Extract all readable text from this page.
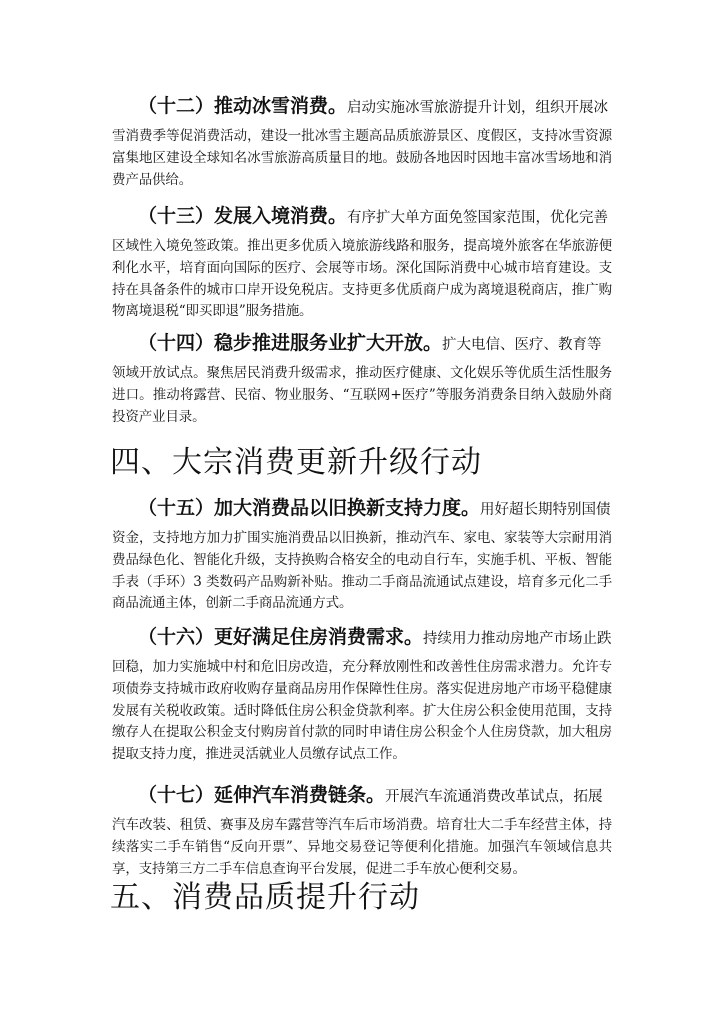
（十二）推动冰雪消费。启动实施冰雪旅游提升计划，组织开展冰
雪消费季等促消费活动，建设一批冰雪主题高品质旅游景区、度假区，支持冰雪资源富集地区建设全球知名冰雪旅游高质量目的地。鼓励各地因时因地丰富冰雪场地和消费产品供给。
（十三）发展入境消费。有序扩大单方面免签国家范围，优化完善
区域性入境免签政策。推出更多优质入境旅游线路和服务，提高境外旅客在华旅游便利化水平，培育面向国际的医疗、会展等市场。深化国际消费中心城市培育建设。支持在具备条件的城市口岸开设免税店。支持更多优质商户成为离境退税商店，推广购物离境退税“即买即退”服务措施。
（十四）稳步推进服务业扩大开放。扩大电信、医疗、教育等
领域开放试点。聚焦居民消费升级需求，推动医疗健康、文化娱乐等优质生活性服务进口。推动将露营、民宿、物业服务、“互联网+医疗”等服务消费条目纳入鼓励外商投资产业目录。
四、大宗消费更新升级行动
（十五）加大消费品以旧换新支持力度。用好超长期特别国债
资金，支持地方加力扩围实施消费品以旧换新，推动汽车、家电、家装等大宗耐用消费品绿色化、智能化升级，支持换购合格安全的电动自行车，实施手机、平板、智能手表（手环）3 类数码产品购新补贴。推动二手商品流通试点建设，培育多元化二手商品流通主体，创新二手商品流通方式。
（十六）更好满足住房消费需求。持续用力推动房地产市场止跌
回稳，加力实施城中村和危旧房改造，充分释放刚性和改善性住房需求潜力。允许专项债券支持城市政府收购存量商品房用作保障性住房。落实促进房地产市场平稳健康发展有关税收政策。适时降低住房公积金贷款利率。扩大住房公积金使用范围，支持缴存人在提取公积金支付购房首付款的同时申请住房公积金个人住房贷款，加大租房提取支持力度，推进灵活就业人员缴存试点工作。
（十七）延伸汽车消费链条。开展汽车流通消费改革试点，拓展
汽车改装、租赁、赛事及房车露营等汽车后市场消费。培育壮大二手车经营主体，持续落实二手车销售“反向开票”、异地交易登记等便利化措施。加强汽车领域信息共享，支持第三方二手车信息查询平台发展，促进二手车放心便利交易。
五、消费品质提升行动
